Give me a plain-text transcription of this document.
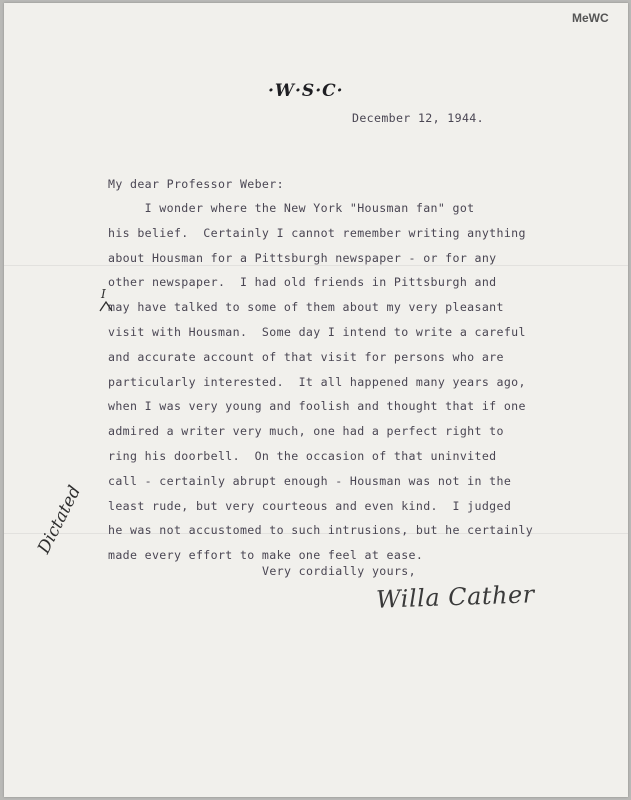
MeWC
·W·S·C·
December 12, 1944.
My dear Professor Weber:
I wonder where the New York "Housman fan" got
his belief.  Certainly I cannot remember writing anything
about Housman for a Pittsburgh newspaper - or for any
other newspaper.  I had old friends in Pittsburgh and
may have talked to some of them about my very pleasant
visit with Housman.  Some day I intend to write a careful
and accurate account of that visit for persons who are
particularly interested.  It all happened many years ago,
when I was very young and foolish and thought that if one
admired a writer very much, one had a perfect right to
ring his doorbell.  On the occasion of that uninvited
call - certainly abrupt enough - Housman was not in the
least rude, but very courteous and even kind.  I judged
he was not accustomed to such intrusions, but he certainly
made every effort to make one feel at ease.
I
Very cordially yours,
Willa Cather
Dictated
